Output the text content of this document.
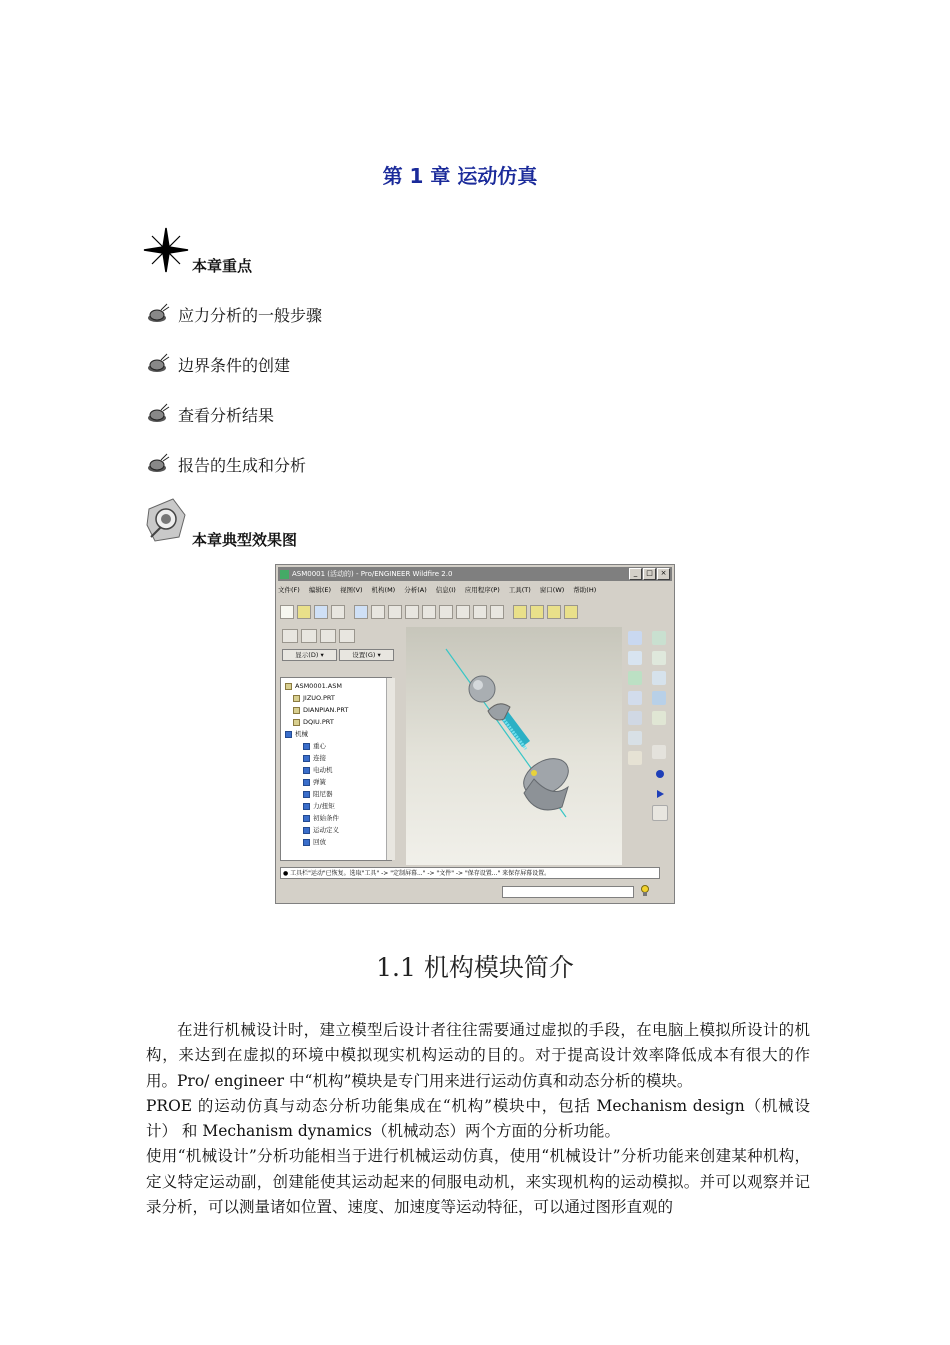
第 1 章 运动仿真
本章重点
应力分析的一般步骤
边界条件的创建
查看分析结果
报告的生成和分析
本章典型效果图
ASM0001 (活动的) - Pro/ENGINEER Wildfire 2.0	_	□	×
文件(F) 编辑(E) 视图(V) 机构(M) 分析(A) 信息(I) 应用程序(P) 工具(T) 窗口(W) 帮助(H)
显示(D) ▾	设置(G) ▾
ASM0001.ASM
JIZUO.PRT
DIANPIAN.PRT
DQIU.PRT
机械
重心
连接
电动机
弹簧
阻尼器
力/扭矩
初始条件
运动定义
回放
● 工具栏"运动"已恢复。选取"工具" -> "定制屏幕..." -> "文件" -> "保存设置..." 来保存屏幕设置。
1.1 机构模块简介

在进行机械设计时，建立模型后设计者往往需要通过虚拟的手段，在电脑上模拟所设计的机构，来达到在虚拟的环境中模拟现实机构运动的目的。对于提高设计效率降低成本有很大的作用。Pro/ engineer 中“机构”模块是专门用来进行运动仿真和动态分析的模块。

PROE 的运动仿真与动态分析功能集成在“机构”模块中，包括 Mechanism design（机械设计） 和 Mechanism dynamics（机械动态）两个方面的分析功能。

使用“机械设计”分析功能相当于进行机械运动仿真，使用“机械设计”分析功能来创建某种机构，定义特定运动副，创建能使其运动起来的伺服电动机，来实现机构的运动模拟。并可以观察并记录分析，可以测量诸如位置、速度、加速度等运动特征，可以通过图形直观的
